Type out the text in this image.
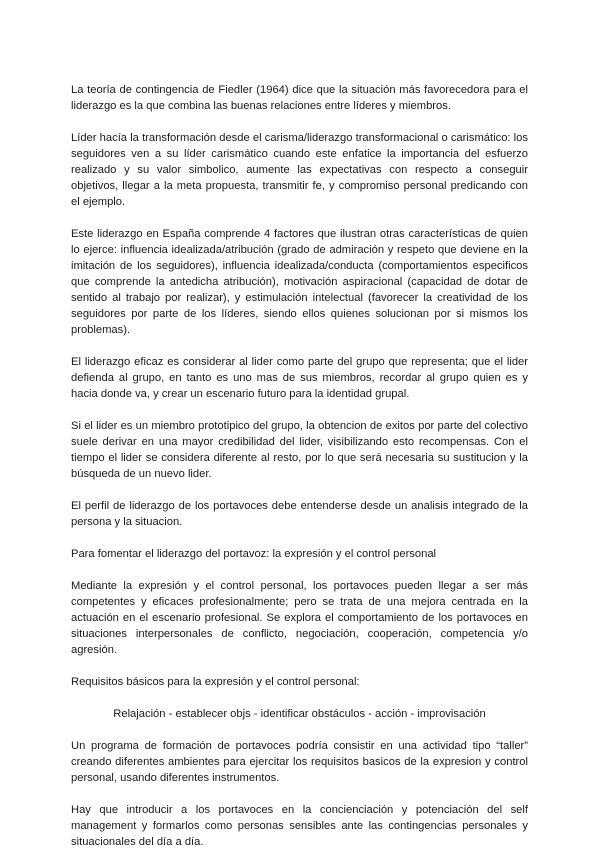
La teoría de contingencia de Fiedler (1964) dice que la situación más favorecedora para el liderazgo es la que combina las buenas relaciones entre líderes y miembros.

Líder hacía la transformación desde el carisma/liderazgo transformacional o carismático: los seguidores ven a su líder carismático cuando este enfatice la importancia del esfuerzo realizado y su valor simbolico, aumente las expectativas con respecto a conseguir objetivos, llegar a la meta propuesta, transmitir fe, y compromiso personal predicando con el ejemplo.

Este liderazgo en España comprende 4 factores que ilustran otras características de quien lo ejerce: influencia idealizada/atribución (grado de admiración y respeto que deviene en la imitación de los seguidores), influencia idealizada/conducta (comportamientos especificos que comprende la antedicha atribución), motivación aspiracional (capacidad de dotar de sentido al trabajo por realizar), y estimulación intelectual (favorecer la creatividad de los seguidores por parte de los líderes, siendo ellos quienes solucionan por si mismos los problemas).

El liderazgo eficaz es considerar al lider como parte del grupo que representa; que el lider defienda al grupo, en tanto es uno mas de sus miembros, recordar al grupo quien es y hacia donde va, y crear un escenario futuro para la identidad grupal.

Si el lider es un miembro prototipico del grupo, la obtencion de exitos por parte del colectivo suele derivar en una mayor credibilidad del lider, visibilizando esto recompensas. Con el tiempo el lider se considera diferente al resto, por lo que será necesaria su sustitucion y la búsqueda de un nuevo lider.

El perfil de liderazgo de los portavoces debe entenderse desde un analisis integrado de la persona y la situacion.

Para fomentar el liderazgo del portavoz: la expresión y el control personal

Mediante la expresión y el control personal, los portavoces pueden llegar a ser más competentes y eficaces profesionalmente; pero se trata de una mejora centrada en la actuación en el escenario profesional. Se explora el comportamiento de los portavoces en situaciones interpersonales de conflicto, negociación, cooperación, competencia y/o agresión.

Requisitos básicos para la expresión y el control personal:

Relajación - establecer objs - identificar obstáculos - acción - improvisación

Un programa de formación de portavoces podría consistir en una actividad tipo “taller” creando diferentes ambientes para ejercitar los requisitos basicos de la expresion y control personal, usando diferentes instrumentos.

Hay que introducir a los portavoces en la concienciación y potenciación del self management y formarlos como personas sensibles ante las contingencias personales y situacionales del día a día.
